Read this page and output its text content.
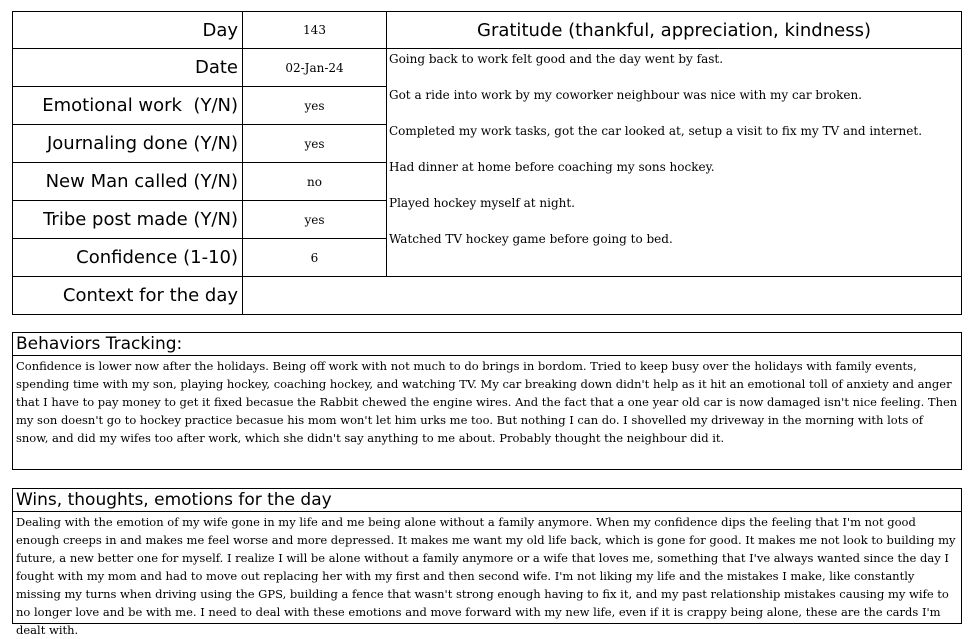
Day
Date
Emotional work  (Y/N)
Journaling done (Y/N)
New Man called (Y/N)
Tribe post made (Y/N)
Confidence (1-10)
Context for the day
143
02-Jan-24
yes
yes
no
yes
6
Gratitude (thankful, appreciation, kindness)
Going back to work felt good and the day went by fast.
Got a ride into work by my coworker neighbour was nice with my car broken.
Completed my work tasks, got the car looked at, setup a visit to fix my TV and internet.
Had dinner at home before coaching my sons hockey.
Played hockey myself at night.
Watched TV hockey game before going to bed.
Behaviors Tracking:
Confidence is lower now after the holidays. Being off work with not much to do brings in bordom. Tried to keep busy over the holidays with family events, spending time with my son, playing hockey, coaching hockey, and watching TV. My car breaking down didn't help as it hit an emotional toll of anxiety and anger that I have to pay money to get it fixed becasue the Rabbit chewed the engine wires. And the fact that a one year old car is now damaged isn't nice feeling. Then my son doesn't go to hockey practice becasue his mom won't let him urks me too. But nothing I can do. I shovelled my driveway in the morning with lots of snow, and did my wifes too after work, which she didn't say anything to me about. Probably thought the neighbour did it.
Wins, thoughts, emotions for the day
Dealing with the emotion of my wife gone in my life and me being alone without a family anymore. When my confidence dips the feeling that I'm not good enough creeps in and makes me feel worse and more depressed. It makes me want my old life back, which is gone for good. It makes me not look to building my future, a new better one for myself. I realize I will be alone without a family anymore or a wife that loves me, something that I've always wanted since the day I fought with my mom and had to move out replacing her with my first and then second wife. I'm not liking my life and the mistakes I make, like constantly missing my turns when driving using the GPS, building a fence that wasn't strong enough having to fix it, and my past relationship mistakes causing my wife to no longer love and be with me. I need to deal with these emotions and move forward with my new life, even if it is crappy being alone, these are the cards I'm dealt with.
